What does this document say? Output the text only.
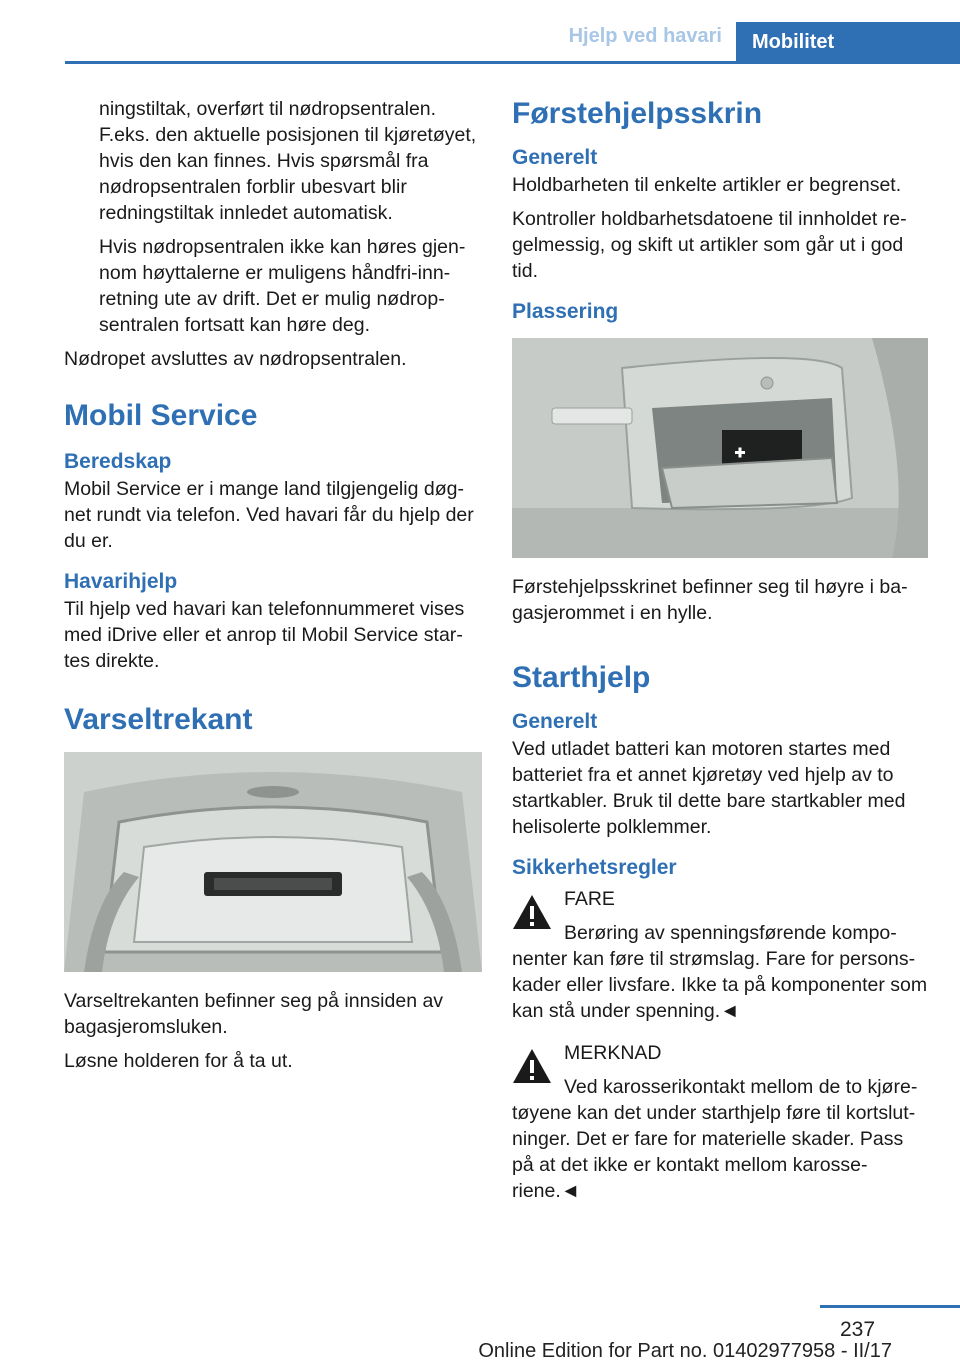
Hjelp ved havari	Mobilitet

ningstiltak, overført til nødropsentralen. F.eks. den aktuelle posisjonen til kjøretøyet, hvis den kan finnes. Hvis spørsmål fra nødropsentralen forblir ubesvart blir redningstiltak innledet automatisk.

Hvis nødropsentralen ikke kan høres gjennom høyttalerne er muligens håndfri-innretning ute av drift. Det er mulig nødropsentralen fortsatt kan høre deg.

Nødropet avsluttes av nødropsentralen.

Mobil Service
Beredskap

Mobil Service er i mange land tilgjengelig døgnet rundt via telefon. Ved havari får du hjelp der du er.

Havarihjelp

Til hjelp ved havari kan telefonnummeret vises med iDrive eller et anrop til Mobil Service startes direkte.

Varseltrekant

Varseltrekanten befinner seg på innsiden av bagasjeromsluken.

Løsne holderen for å ta ut.

Førstehjelpsskrin
Generelt

Holdbarheten til enkelte artikler er begrenset.

Kontroller holdbarhetsdatoene til innholdet regelmessig, og skift ut artikler som går ut i god tid.

Plassering

Førstehjelpsskrinet befinner seg til høyre i bagasjerommet i en hylle.

Starthjelp
Generelt

Ved utladet batteri kan motoren startes med batteriet fra et annet kjøretøy ved hjelp av to startkabler. Bruk til dette bare startkabler med helisolerte polklemmer.

Sikkerhetsregler

FARE

Berøring av spenningsførende komponenter kan føre til strømslag. Fare for personskader eller livsfare. Ikke ta på komponenter som kan stå under spenning.◄

MERKNAD

Ved karosserikontakt mellom de to kjøretøyene kan det under starthjelp føre til kortslutninger. Det er fare for materielle skader. Pass på at det ikke er kontakt mellom karosseriene.◄

237
Online Edition for Part no. 01402977958 - II/17
